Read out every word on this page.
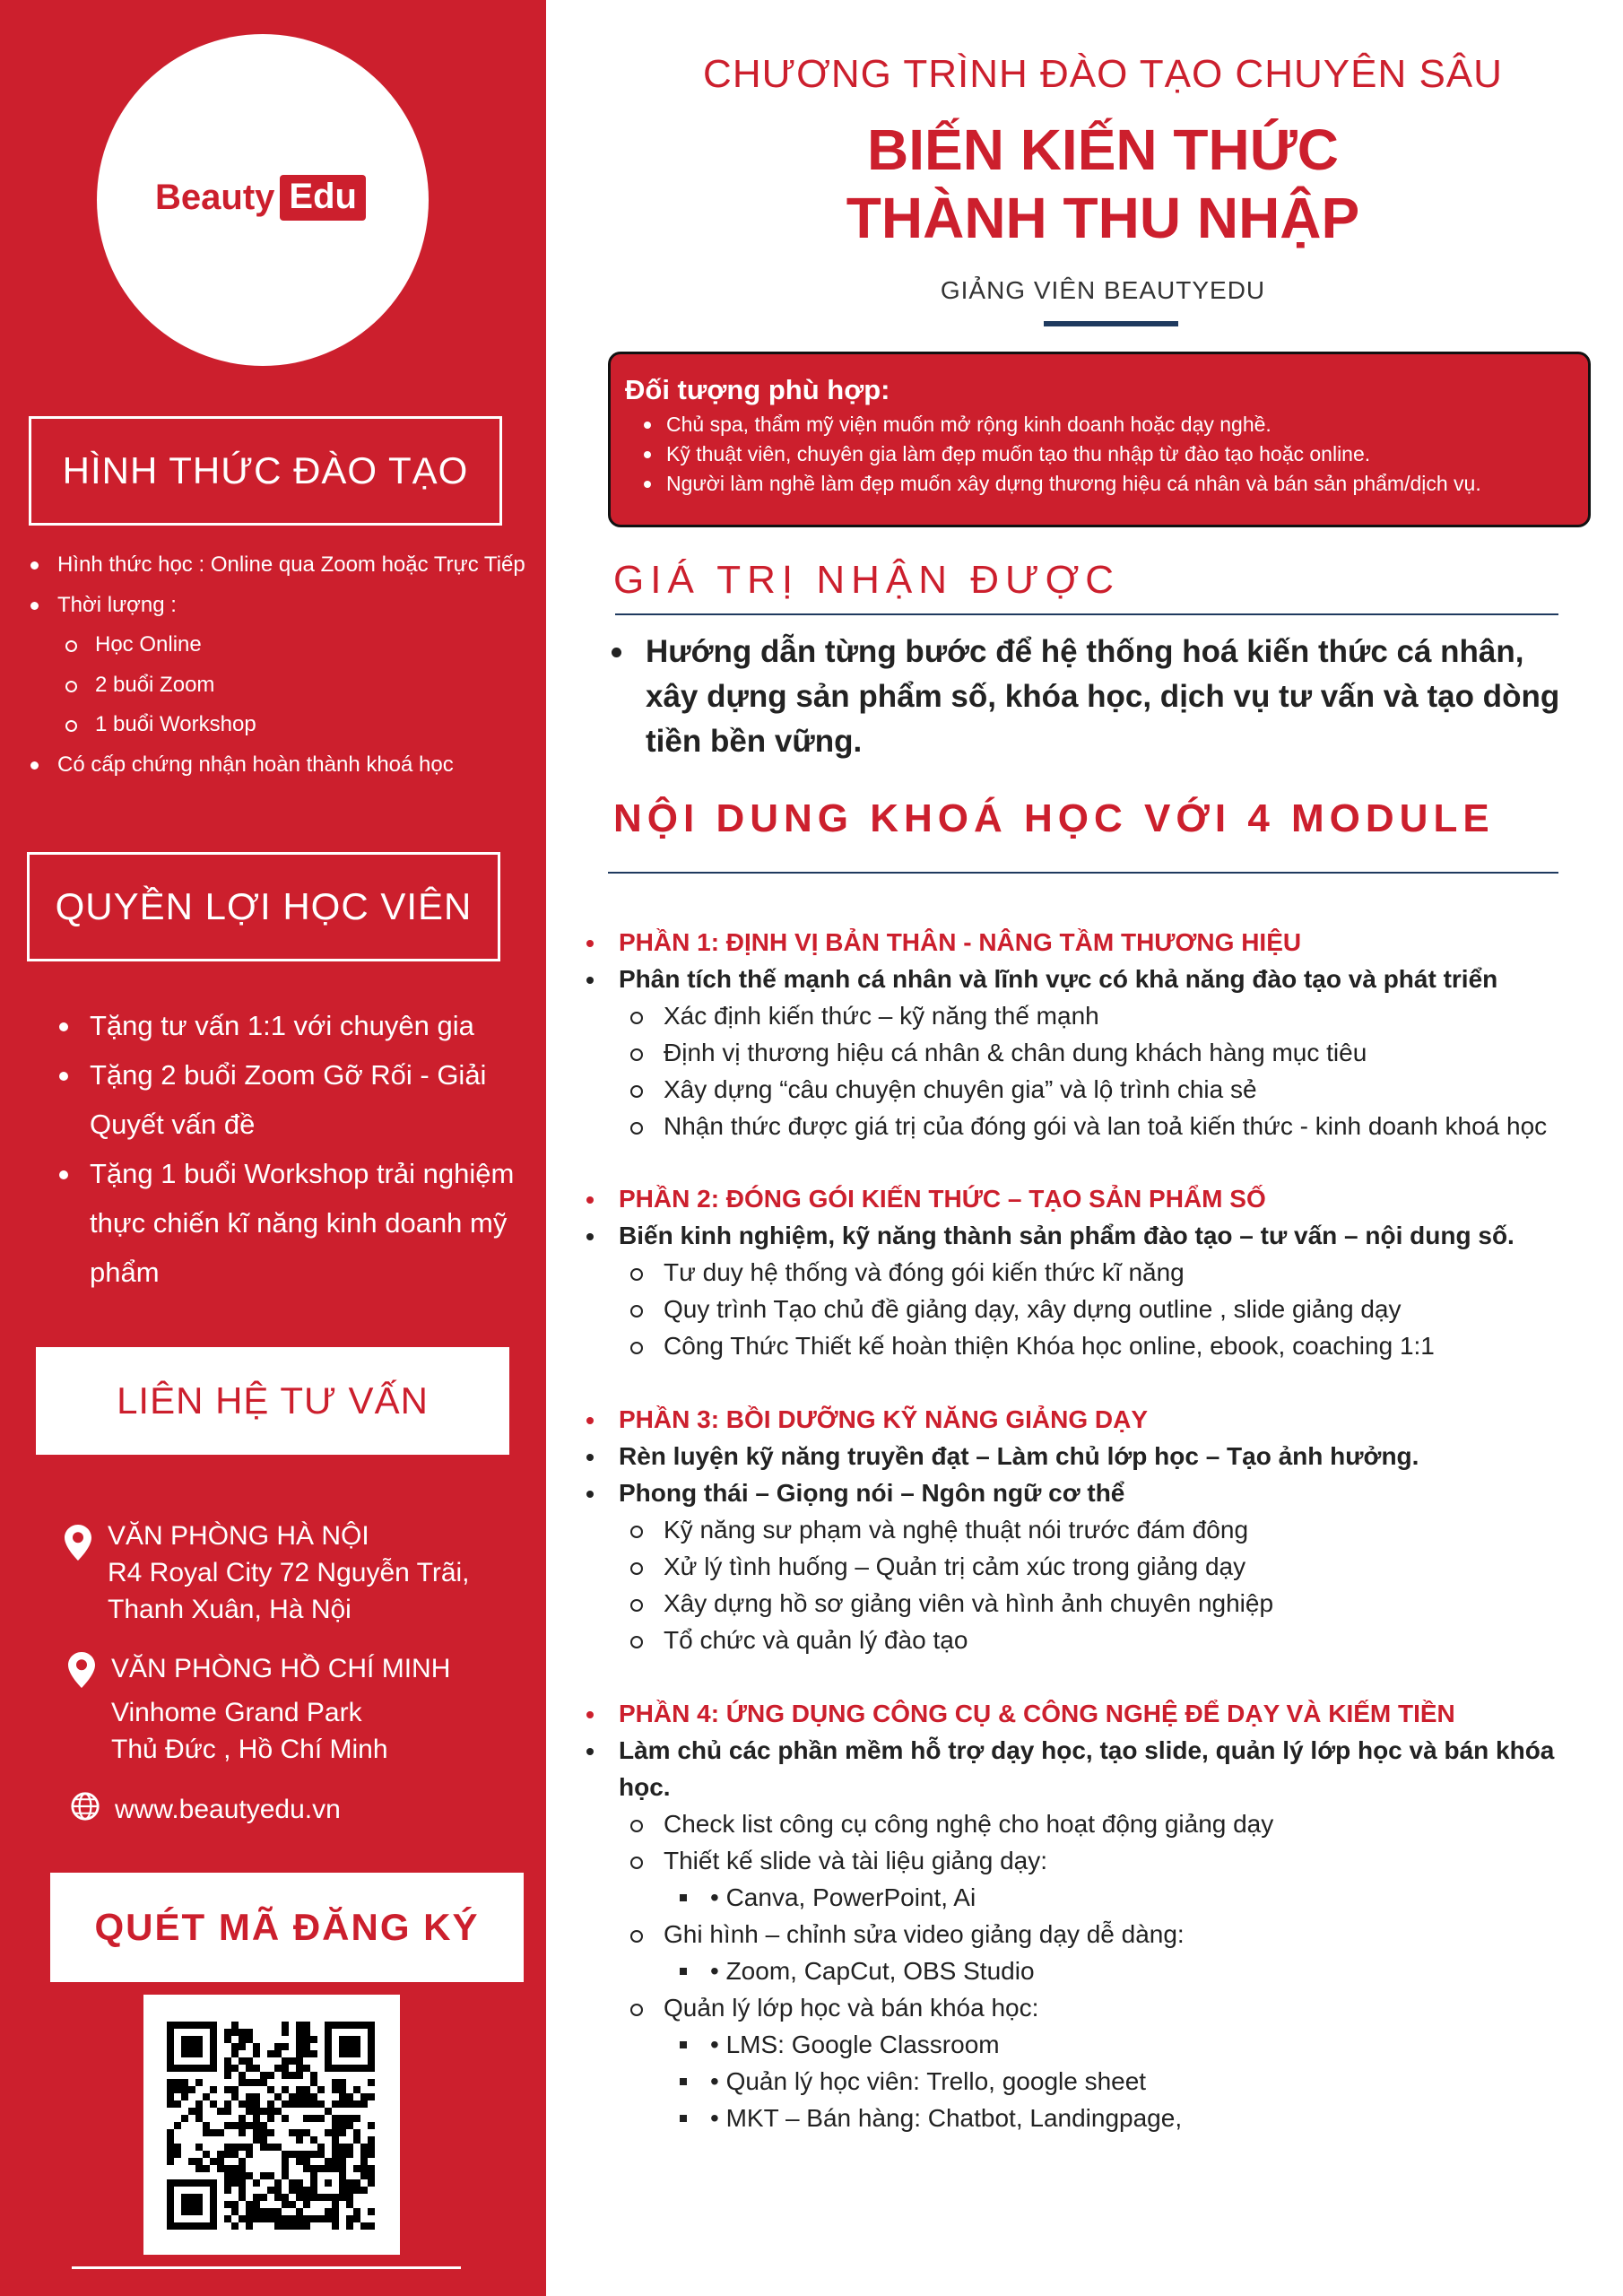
Beauty Edu
HÌNH THỨC ĐÀO TẠO
Hình thức học : Online qua Zoom hoặc Trực Tiếp
Thời lượng :
Học Online
2 buổi Zoom
1 buổi Workshop
Có cấp chứng nhận hoàn thành khoá học
QUYỀN LỢI HỌC VIÊN
Tặng tư vấn 1:1 với chuyên gia
Tặng 2 buổi Zoom Gỡ Rối - Giải Quyết vấn đề
Tặng 1 buổi Workshop trải nghiệm thực chiến kĩ năng kinh doanh mỹ phẩm
LIÊN HỆ TƯ VẤN
VĂN PHÒNG HÀ NỘI
R4 Royal City 72 Nguyễn Trãi,
Thanh Xuân, Hà Nội
VĂN PHÒNG HỒ CHÍ MINH
Vinhome Grand Park
Thủ Đức , Hồ Chí Minh
www.beautyedu.vn
QUÉT MÃ ĐĂNG KÝ
CHƯƠNG TRÌNH ĐÀO TẠO CHUYÊN SÂU
BIẾN KIẾN THỨC
THÀNH THU NHẬP
GIẢNG VIÊN BEAUTYEDU
Đối tượng phù hợp:
Chủ spa, thẩm mỹ viện muốn mở rộng kinh doanh hoặc dạy nghề.
Kỹ thuật viên, chuyên gia làm đẹp muốn tạo thu nhập từ đào tạo hoặc online.
Người làm nghề làm đẹp muốn xây dựng thương hiệu cá nhân và bán sản phẩm/dịch vụ.
GIÁ TRỊ NHẬN ĐƯỢC
Hướng dẫn từng bước để hệ thống hoá kiến thức cá nhân, xây dựng sản phẩm số, khóa học, dịch vụ tư vấn và tạo dòng tiền bền vững.
NỘI DUNG KHOÁ HỌC VỚI 4 MODULE
PHẦN 1: ĐỊNH VỊ BẢN THÂN - NÂNG TẦM THƯƠNG HIỆU
Phân tích thế mạnh cá nhân và lĩnh vực có khả năng đào tạo và phát triển
Xác định kiến thức – kỹ năng thế mạnh
Định vị thương hiệu cá nhân & chân dung khách hàng mục tiêu
Xây dựng “câu chuyện chuyên gia” và lộ trình chia sẻ
Nhận thức được giá trị của đóng gói và lan toả kiến thức - kinh doanh khoá học
PHẦN 2: ĐÓNG GÓI KIẾN THỨC – TẠO SẢN PHẨM SỐ
Biến kinh nghiệm, kỹ năng thành sản phẩm đào tạo – tư vấn – nội dung số.
Tư duy hệ thống và đóng gói kiến thức kĩ năng
Quy trình Tạo chủ đề giảng dạy, xây dựng outline , slide giảng dạy
Công Thức Thiết kế hoàn thiện Khóa học online, ebook, coaching 1:1
PHẦN 3: BỒI DƯỠNG KỸ NĂNG GIẢNG DẠY
Rèn luyện kỹ năng truyền đạt – Làm chủ lớp học – Tạo ảnh hưởng.
Phong thái – Giọng nói – Ngôn ngữ cơ thể
Kỹ năng sư phạm và nghệ thuật nói trước đám đông
Xử lý tình huống – Quản trị cảm xúc trong giảng dạy
Xây dựng hồ sơ giảng viên và hình ảnh chuyên nghiệp
Tổ chức và quản lý đào tạo
PHẦN 4: ỨNG DỤNG CÔNG CỤ & CÔNG NGHỆ ĐỂ DẠY VÀ KIẾM TIỀN
Làm chủ các phần mềm hỗ trợ dạy học, tạo slide, quản lý lớp học và bán khóa học.
Check list công cụ công nghệ cho hoạt động giảng dạy
Thiết kế slide và tài liệu giảng dạy:
• Canva, PowerPoint, Ai
Ghi hình – chỉnh sửa video giảng dạy dễ dàng:
• Zoom, CapCut, OBS Studio
Quản lý lớp học và bán khóa học:
• LMS: Google Classroom
• Quản lý học viên: Trello, google sheet
• MKT – Bán hàng: Chatbot, Landingpage,
